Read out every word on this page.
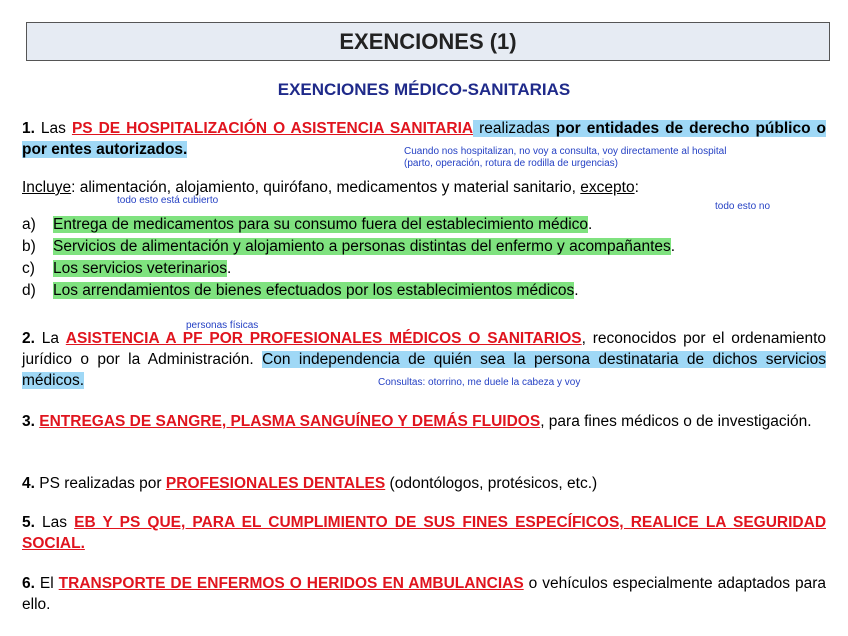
EXENCIONES (1)
EXENCIONES MÉDICO-SANITARIAS
1. Las PS DE HOSPITALIZACIÓN O ASISTENCIA SANITARIA realizadas por entidades de derecho público o por entes autorizados.	Cuando nos hospitalizan, no voy a consulta, voy directamente al hospital
(parto, operación, rotura de rodilla de urgencias)
Incluye: alimentación, alojamiento, quirófano, medicamentos y material sanitario, excepto:
todo esto está cubierto
todo esto no
a)	Entrega de medicamentos para su consumo fuera del establecimiento médico.
b)	Servicios de alimentación y alojamiento a personas distintas del enfermo y acompañantes.
c)	Los servicios veterinarios.
d)	Los arrendamientos de bienes efectuados por los establecimientos médicos.
personas físicas
2. La ASISTENCIA A PF POR PROFESIONALES MÉDICOS O SANITARIOS, reconocidos por el ordenamiento jurídico o por la Administración. Con independencia de quién sea la persona destinataria de dichos servicios médicos.	Consultas: otorrino, me duele la cabeza y voy
3. ENTREGAS DE SANGRE, PLASMA SANGUÍNEO Y DEMÁS FLUIDOS, para fines médicos o de investigación.
4. PS realizadas por PROFESIONALES DENTALES (odontólogos, protésicos, etc.)
5. Las EB Y PS QUE, PARA EL CUMPLIMIENTO DE SUS FINES ESPECÍFICOS, REALICE LA SEGURIDAD SOCIAL.
6. El TRANSPORTE DE ENFERMOS O HERIDOS EN AMBULANCIAS o vehículos especialmente adaptados para ello.
